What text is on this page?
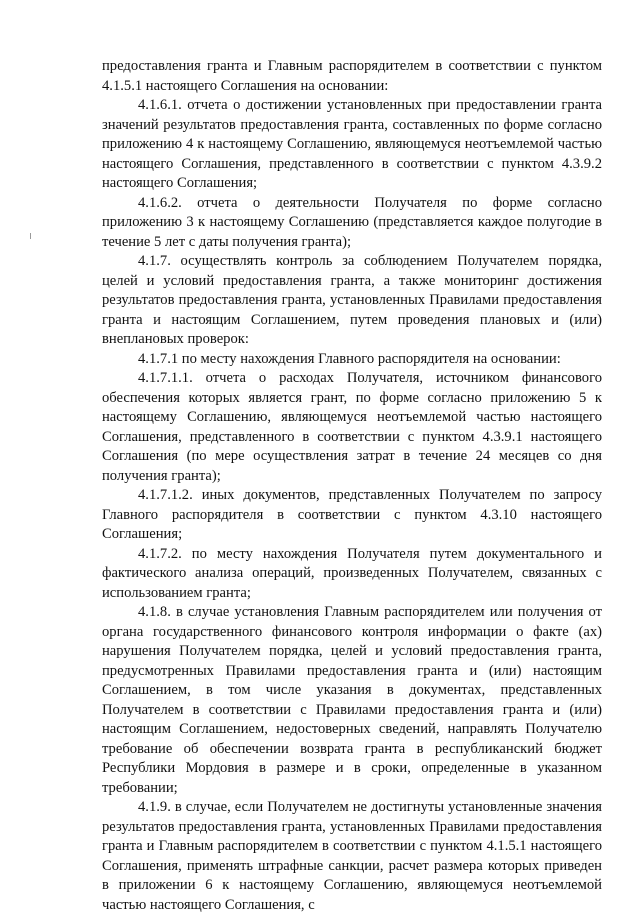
предоставления гранта и Главным распорядителем в соответствии с пунктом 4.1.5.1 настоящего Соглашения на основании:

4.1.6.1. отчета о достижении установленных при предоставлении гранта значений результатов предоставления гранта, составленных по форме согласно приложению 4 к настоящему Соглашению, являющемуся неотъемлемой частью настоящего Соглашения, представленного в соответствии с пунктом 4.3.9.2 настоящего Соглашения;

4.1.6.2. отчета о деятельности Получателя по форме согласно приложению 3 к настоящему Соглашению (представляется каждое полугодие в течение 5 лет с даты получения гранта);

4.1.7. осуществлять контроль за соблюдением Получателем порядка, целей и условий предоставления гранта, а также мониторинг достижения результатов предоставления гранта, установленных Правилами предоставления гранта и настоящим Соглашением, путем проведения плановых и (или) внеплановых проверок:

4.1.7.1 по месту нахождения Главного распорядителя на основании:

4.1.7.1.1. отчета о расходах Получателя, источником финансового обеспечения которых является грант, по форме согласно приложению 5 к настоящему Соглашению, являющемуся неотъемлемой частью настоящего Соглашения, представленного в соответствии с пунктом 4.3.9.1 настоящего Соглашения (по мере осуществления затрат в течение 24 месяцев со дня получения гранта);

4.1.7.1.2. иных документов, представленных Получателем по запросу Главного распорядителя в соответствии с пунктом 4.3.10 настоящего Соглашения;

4.1.7.2. по месту нахождения Получателя путем документального и фактического анализа операций, произведенных Получателем, связанных с использованием гранта;

4.1.8. в случае установления Главным распорядителем или получения от органа государственного финансового контроля информации о факте (ах) нарушения Получателем порядка, целей и условий предоставления гранта, предусмотренных Правилами предоставления гранта и (или) настоящим Соглашением, в том числе указания в документах, представленных Получателем в соответствии с Правилами предоставления гранта и (или) настоящим Соглашением, недостоверных сведений, направлять Получателю требование об обеспечении возврата гранта в республиканский бюджет Республики Мордовия в размере и в сроки, определенные в указанном требовании;

4.1.9. в случае, если Получателем не достигнуты установленные значения результатов предоставления гранта, установленных Правилами предоставления гранта и Главным распорядителем в соответствии с пунктом 4.1.5.1 настоящего Соглашения, применять штрафные санкции, расчет размера которых приведен в приложении 6 к настоящему Соглашению, являющемуся неотъемлемой частью настоящего Соглашения, с
